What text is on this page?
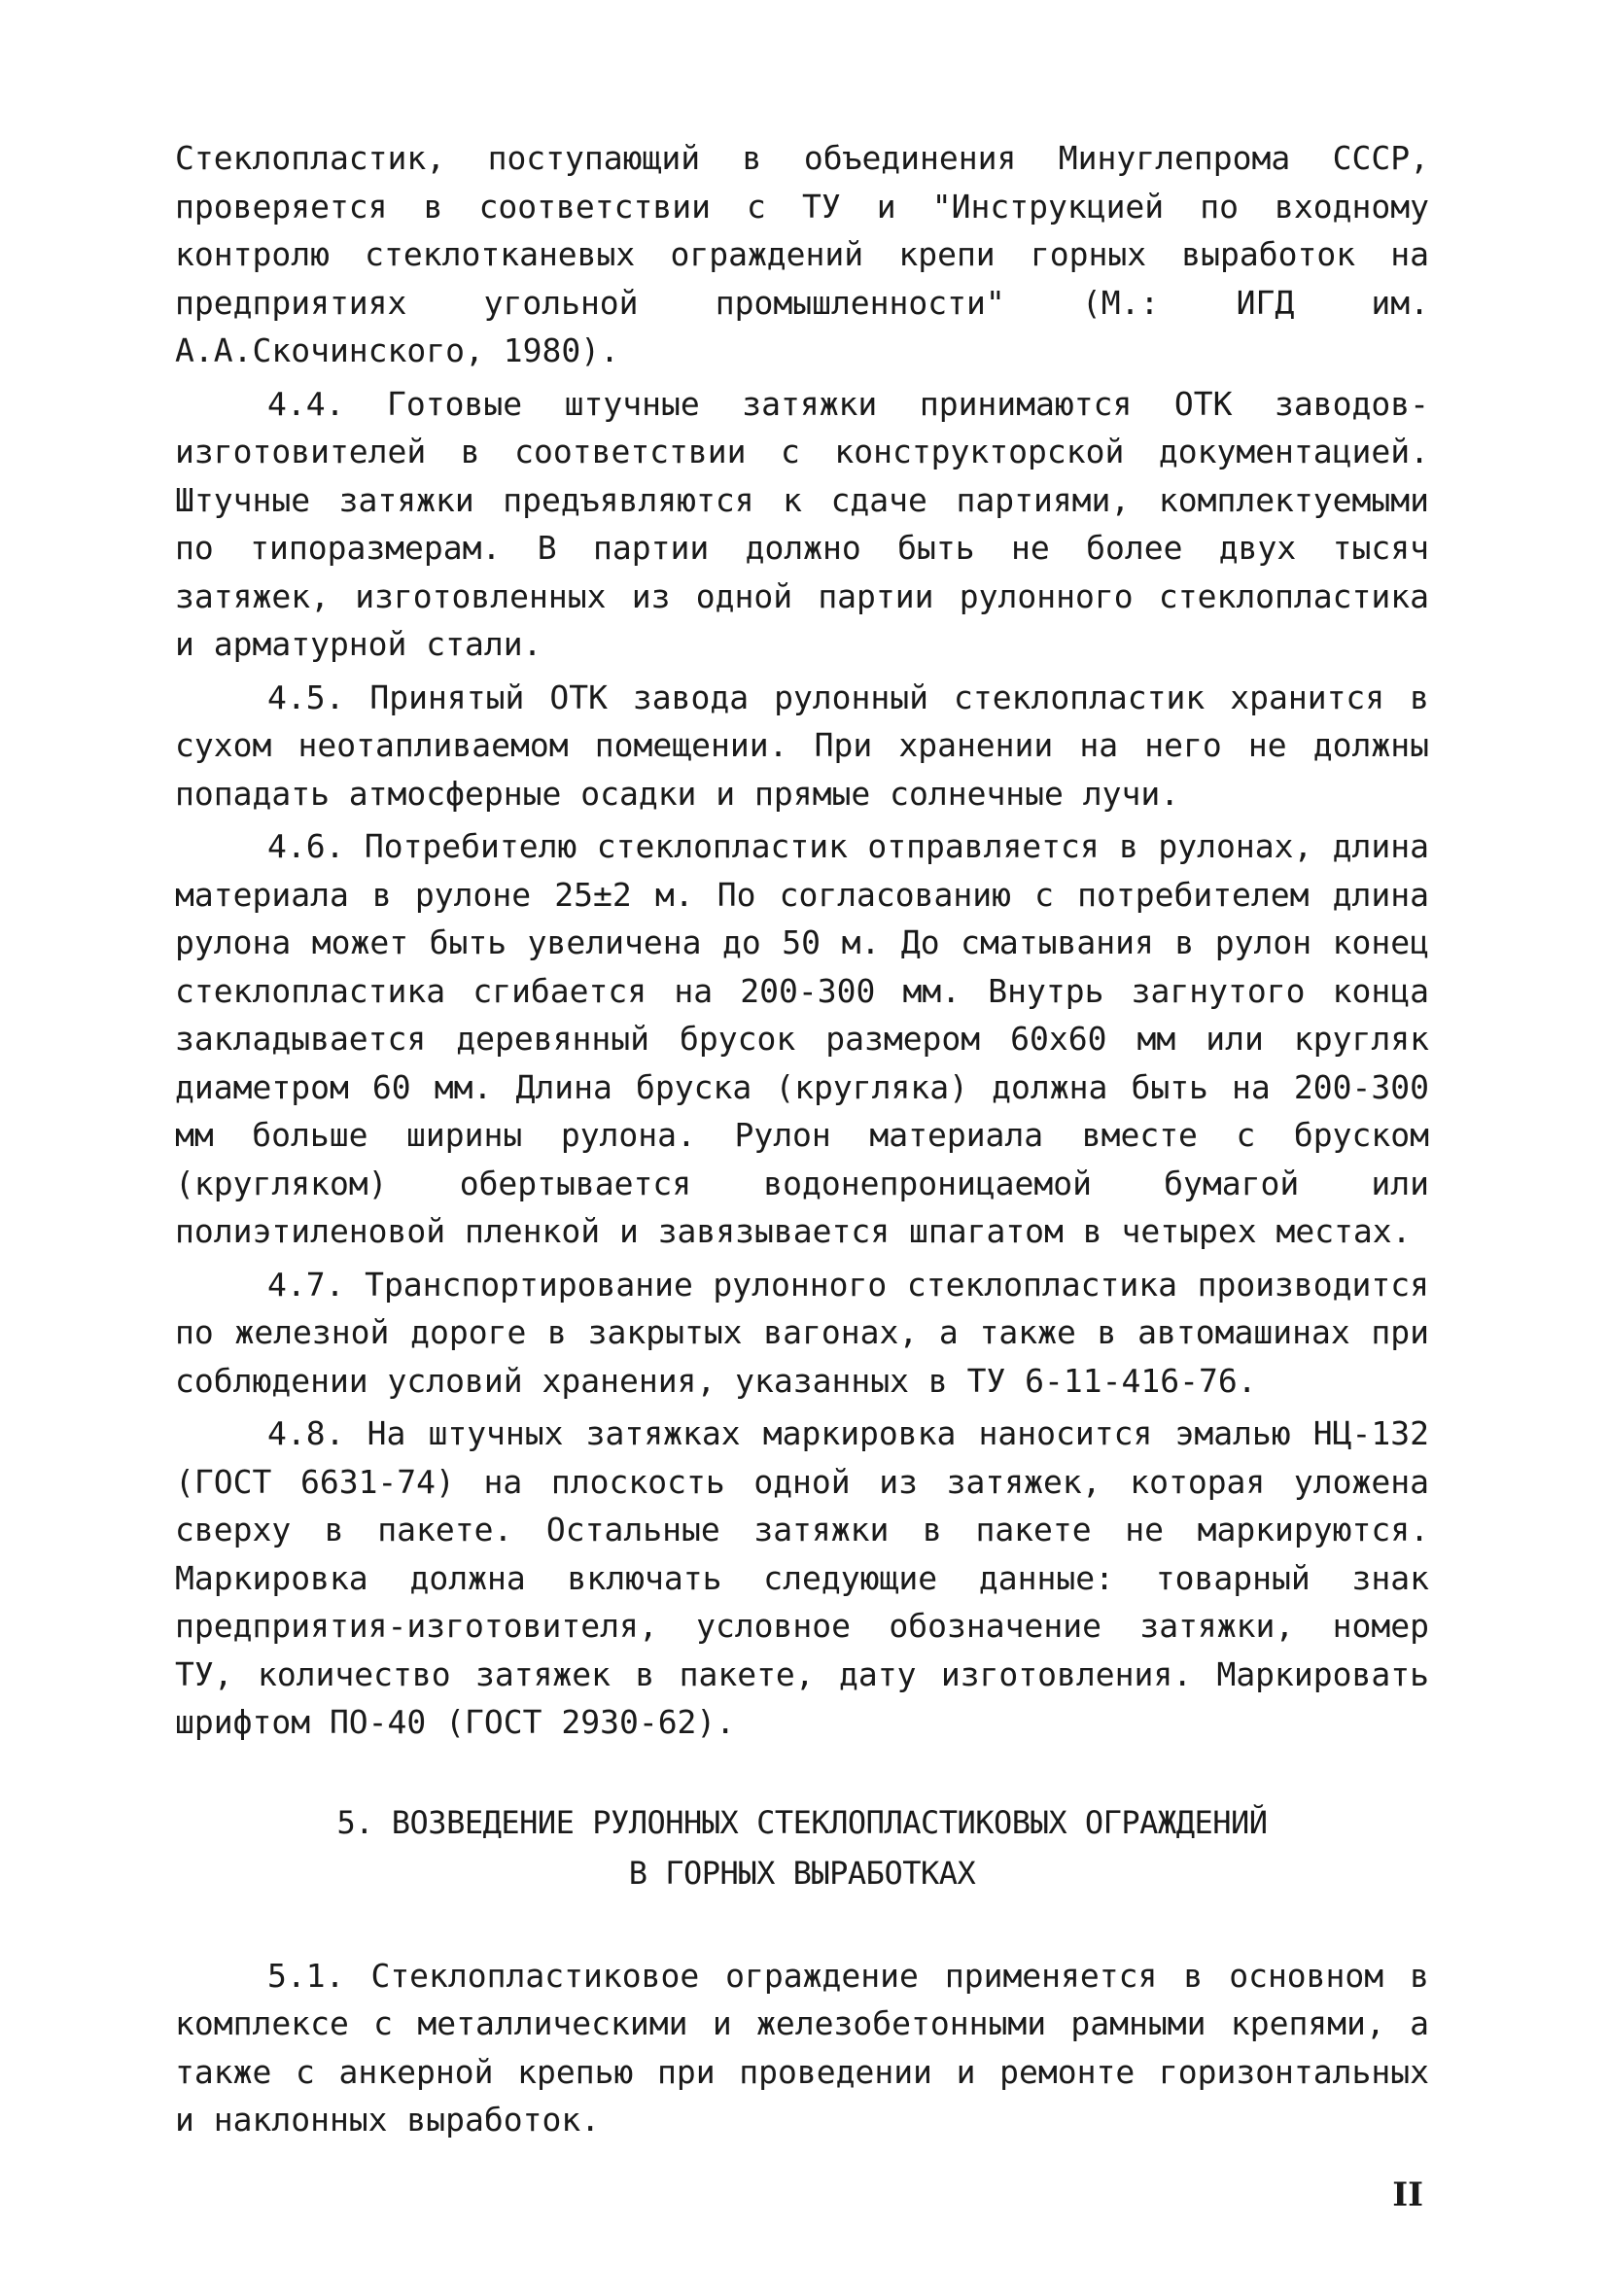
Стеклопластик, поступающий в объединения Минуглепрома СССР, проверяется в соответствии с ТУ и "Инструкцией по входному контролю стеклотканевых ограждений крепи горных выработок на предприятиях угольной промышленности" (М.: ИГД им. А.А.Скочинского, 1980).

4.4. Готовые штучные затяжки принимаются ОТК заводов-изготовителей в соответствии с конструкторской документацией. Штучные затяжки предъявляются к сдаче партиями, комплектуемыми по типоразмерам. В партии должно быть не более двух тысяч затяжек, изготовленных из одной партии рулонного стеклопластика и арматурной стали.

4.5. Принятый ОТК завода рулонный стеклопластик хранится в сухом неотапливаемом помещении. При хранении на него не должны попадать атмосферные осадки и прямые солнечные лучи.

4.6. Потребителю стеклопластик отправляется в рулонах, длина материала в рулоне 25±2 м. По согласованию с потребителем длина рулона может быть увеличена до 50 м. До сматывания в рулон конец стеклопластика сгибается на 200-300 мм. Внутрь загнутого конца закладывается деревянный брусок размером 60х60 мм или кругляк диаметром 60 мм. Длина бруска (кругляка) должна быть на 200-300 мм больше ширины рулона. Рулон материала вместе с бруском (кругляком) обертывается водонепроницаемой бумагой или полиэтиленовой пленкой и завязывается шпагатом в четырех местах.

4.7. Транспортирование рулонного стеклопластика производится по железной дороге в закрытых вагонах, а также в автомашинах при соблюдении условий хранения, указанных в ТУ 6-11-416-76.

4.8. На штучных затяжках маркировка наносится эмалью НЦ-132 (ГОСТ 6631-74) на плоскость одной из затяжек, которая уложена сверху в пакете. Остальные затяжки в пакете не маркируются. Маркировка должна включать следующие данные: товарный знак предприятия-изготовителя, условное обозначение затяжки, номер ТУ, количество затяжек в пакете, дату изготовления. Маркировать шрифтом ПО-40 (ГОСТ 2930-62).

5. ВОЗВЕДЕНИЕ РУЛОННЫХ СТЕКЛОПЛАСТИКОВЫХ ОГРАЖДЕНИЙ
В ГОРНЫХ ВЫРАБОТКАХ

5.1. Стеклопластиковое ограждение применяется в основном в комплексе с металлическими и железобетонными рамными крепями, а также с анкерной крепью при проведении и ремонте горизонтальных и наклонных выработок.

II
